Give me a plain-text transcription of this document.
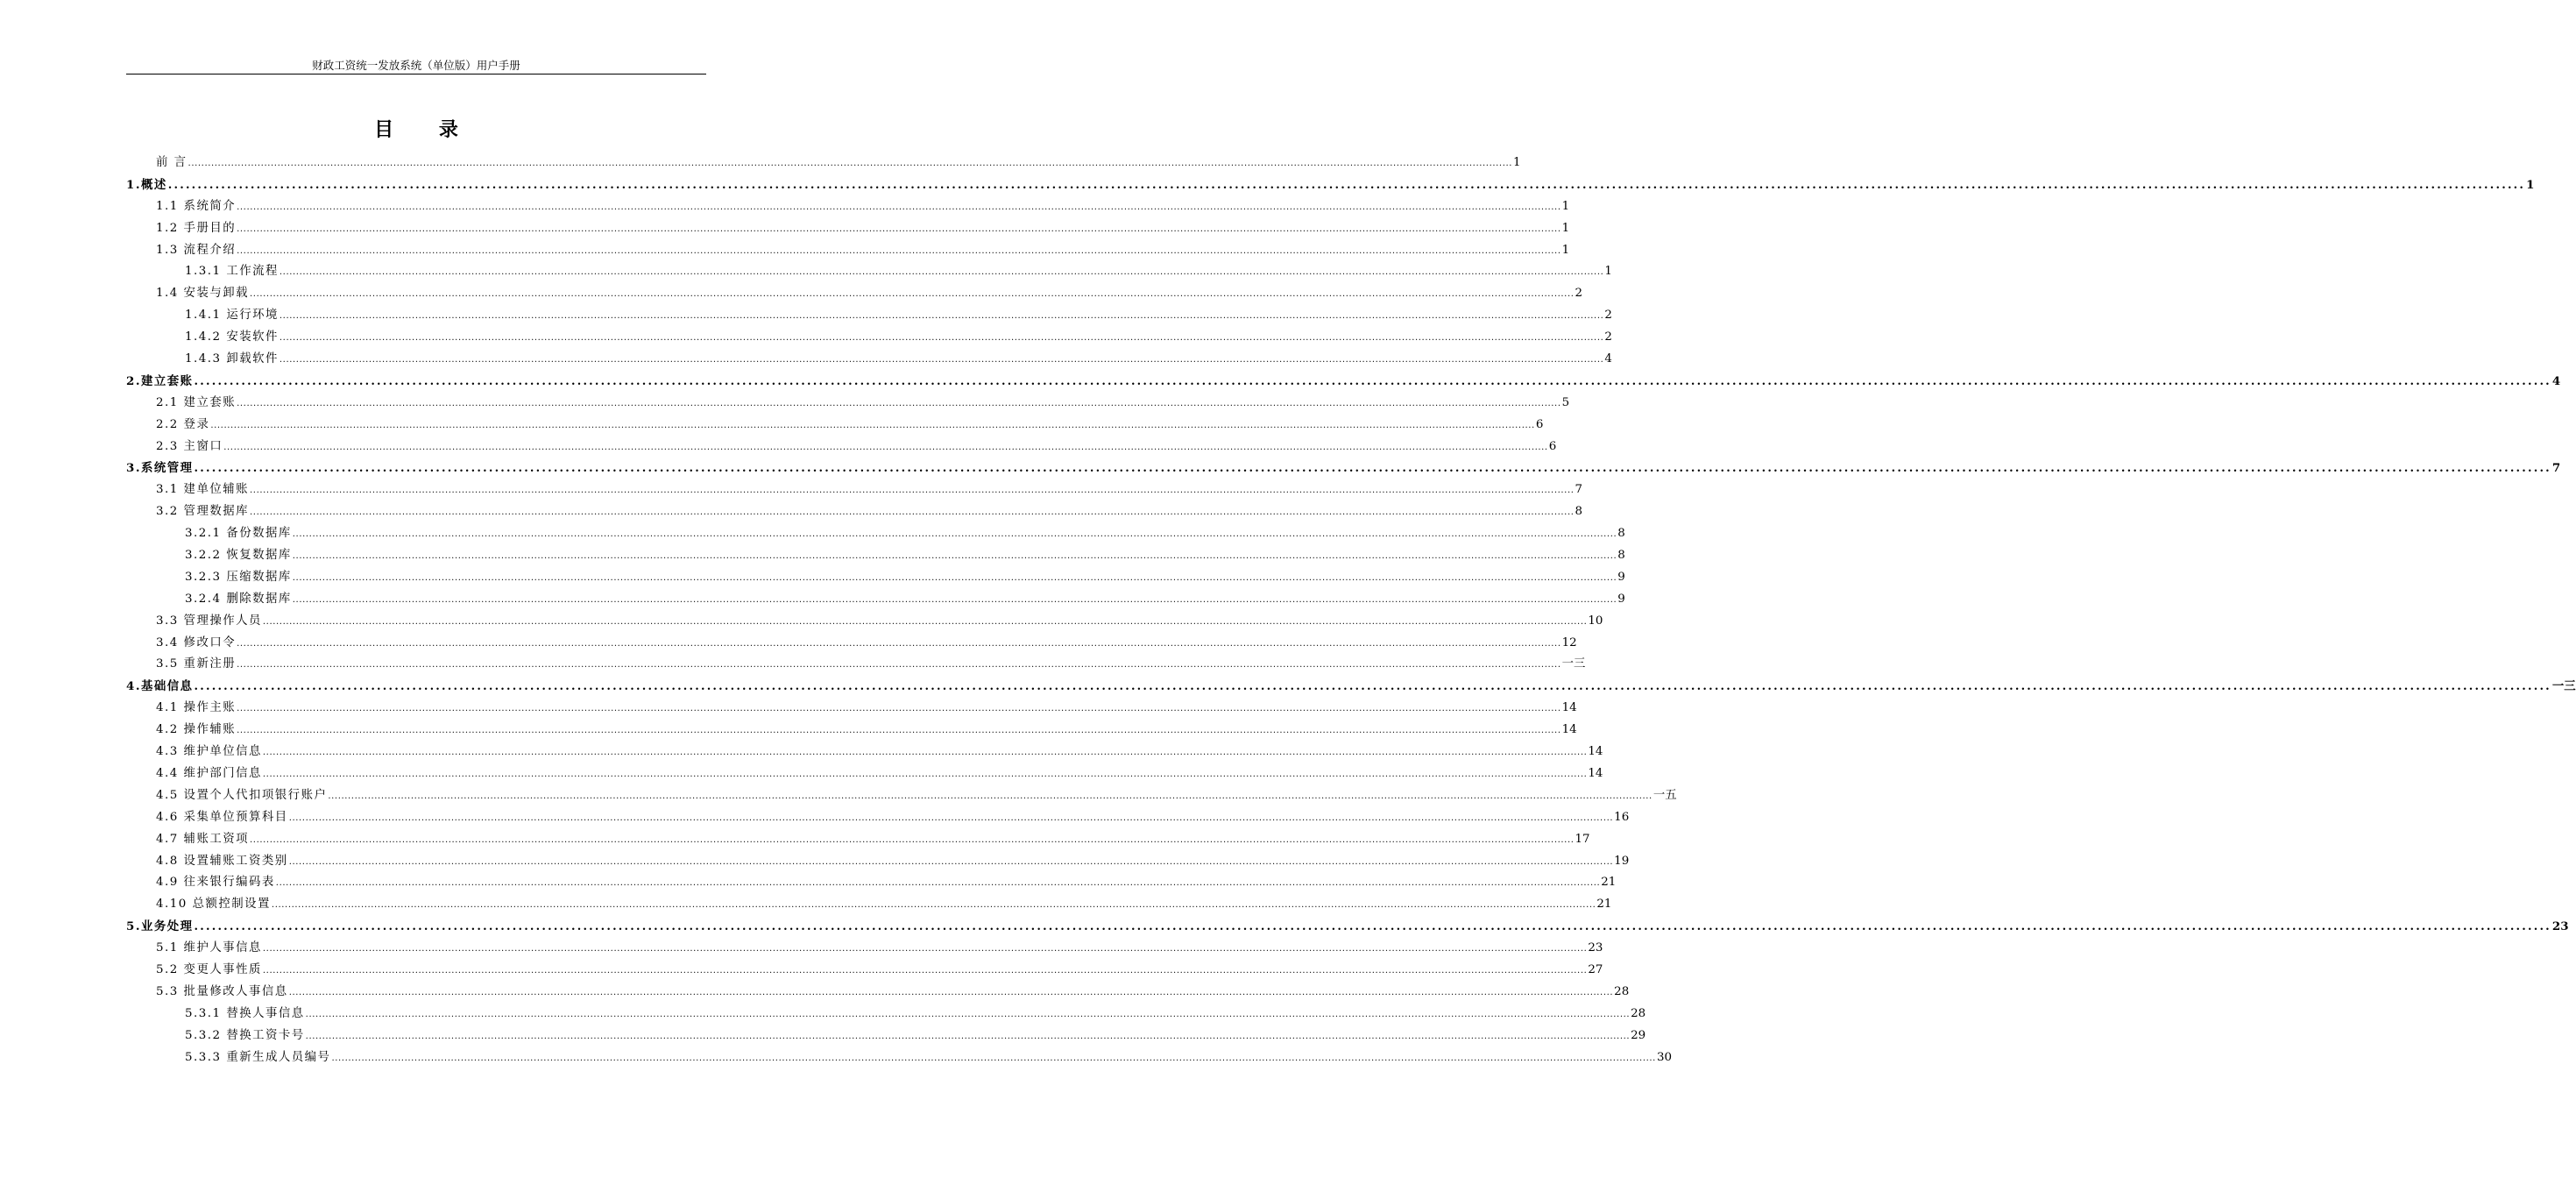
财政工资统一发放系统（单位版）用户手册
目 录
前 言 ................................................................................................................................................................................................................................................................................................................................................................................................................ 1
1.概述 ................................................................................................................................................................................................................................................................................................................................................................................................................ 1
1.1 系统简介 ................................................................................................................................................................................................................................................................................................................................................................................................................ 1
1.2 手册目的 ................................................................................................................................................................................................................................................................................................................................................................................................................ 1
1.3 流程介绍 ................................................................................................................................................................................................................................................................................................................................................................................................................ 1
1.3.1 工作流程 ................................................................................................................................................................................................................................................................................................................................................................................................................ 1
1.4 安装与卸载 ................................................................................................................................................................................................................................................................................................................................................................................................................ 2
1.4.1 运行环境 ................................................................................................................................................................................................................................................................................................................................................................................................................ 2
1.4.2 安装软件 ................................................................................................................................................................................................................................................................................................................................................................................................................ 2
1.4.3 卸载软件 ................................................................................................................................................................................................................................................................................................................................................................................................................ 4
2.建立套账 ................................................................................................................................................................................................................................................................................................................................................................................................................ 4
2.1 建立套账 ................................................................................................................................................................................................................................................................................................................................................................................................................ 5
2.2 登录 ................................................................................................................................................................................................................................................................................................................................................................................................................ 6
2.3 主窗口 ................................................................................................................................................................................................................................................................................................................................................................................................................ 6
3.系统管理 ................................................................................................................................................................................................................................................................................................................................................................................................................ 7
3.1 建单位辅账 ................................................................................................................................................................................................................................................................................................................................................................................................................ 7
3.2 管理数据库 ................................................................................................................................................................................................................................................................................................................................................................................................................ 8
3.2.1 备份数据库 ................................................................................................................................................................................................................................................................................................................................................................................................................ 8
3.2.2 恢复数据库 ................................................................................................................................................................................................................................................................................................................................................................................................................ 8
3.2.3 压缩数据库 ................................................................................................................................................................................................................................................................................................................................................................................................................ 9
3.2.4 删除数据库 ................................................................................................................................................................................................................................................................................................................................................................................................................ 9
3.3 管理操作人员 ................................................................................................................................................................................................................................................................................................................................................................................................................ 10
3.4 修改口令 ................................................................................................................................................................................................................................................................................................................................................................................................................ 12
3.5 重新注册 ................................................................................................................................................................................................................................................................................................................................................................................................................ 一三
4.基础信息 ................................................................................................................................................................................................................................................................................................................................................................................................................ 一三
4.1 操作主账 ................................................................................................................................................................................................................................................................................................................................................................................................................ 14
4.2 操作辅账 ................................................................................................................................................................................................................................................................................................................................................................................................................ 14
4.3 维护单位信息 ................................................................................................................................................................................................................................................................................................................................................................................................................ 14
4.4 维护部门信息 ................................................................................................................................................................................................................................................................................................................................................................................................................ 14
4.5 设置个人代扣项银行账户 ................................................................................................................................................................................................................................................................................................................................................................................................................ 一五
4.6 采集单位预算科目 ................................................................................................................................................................................................................................................................................................................................................................................................................ 16
4.7 辅账工资项 ................................................................................................................................................................................................................................................................................................................................................................................................................ 17
4.8 设置辅账工资类别 ................................................................................................................................................................................................................................................................................................................................................................................................................ 19
4.9 往来银行编码表 ................................................................................................................................................................................................................................................................................................................................................................................................................ 21
4.10 总额控制设置 ................................................................................................................................................................................................................................................................................................................................................................................................................ 21
5.业务处理 ................................................................................................................................................................................................................................................................................................................................................................................................................ 23
5.1 维护人事信息 ................................................................................................................................................................................................................................................................................................................................................................................................................ 23
5.2 变更人事性质 ................................................................................................................................................................................................................................................................................................................................................................................................................ 27
5.3 批量修改人事信息 ................................................................................................................................................................................................................................................................................................................................................................................................................ 28
5.3.1 替换人事信息 ................................................................................................................................................................................................................................................................................................................................................................................................................ 28
5.3.2 替换工资卡号 ................................................................................................................................................................................................................................................................................................................................................................................................................ 29
5.3.3 重新生成人员编号 ................................................................................................................................................................................................................................................................................................................................................................................................................ 30
